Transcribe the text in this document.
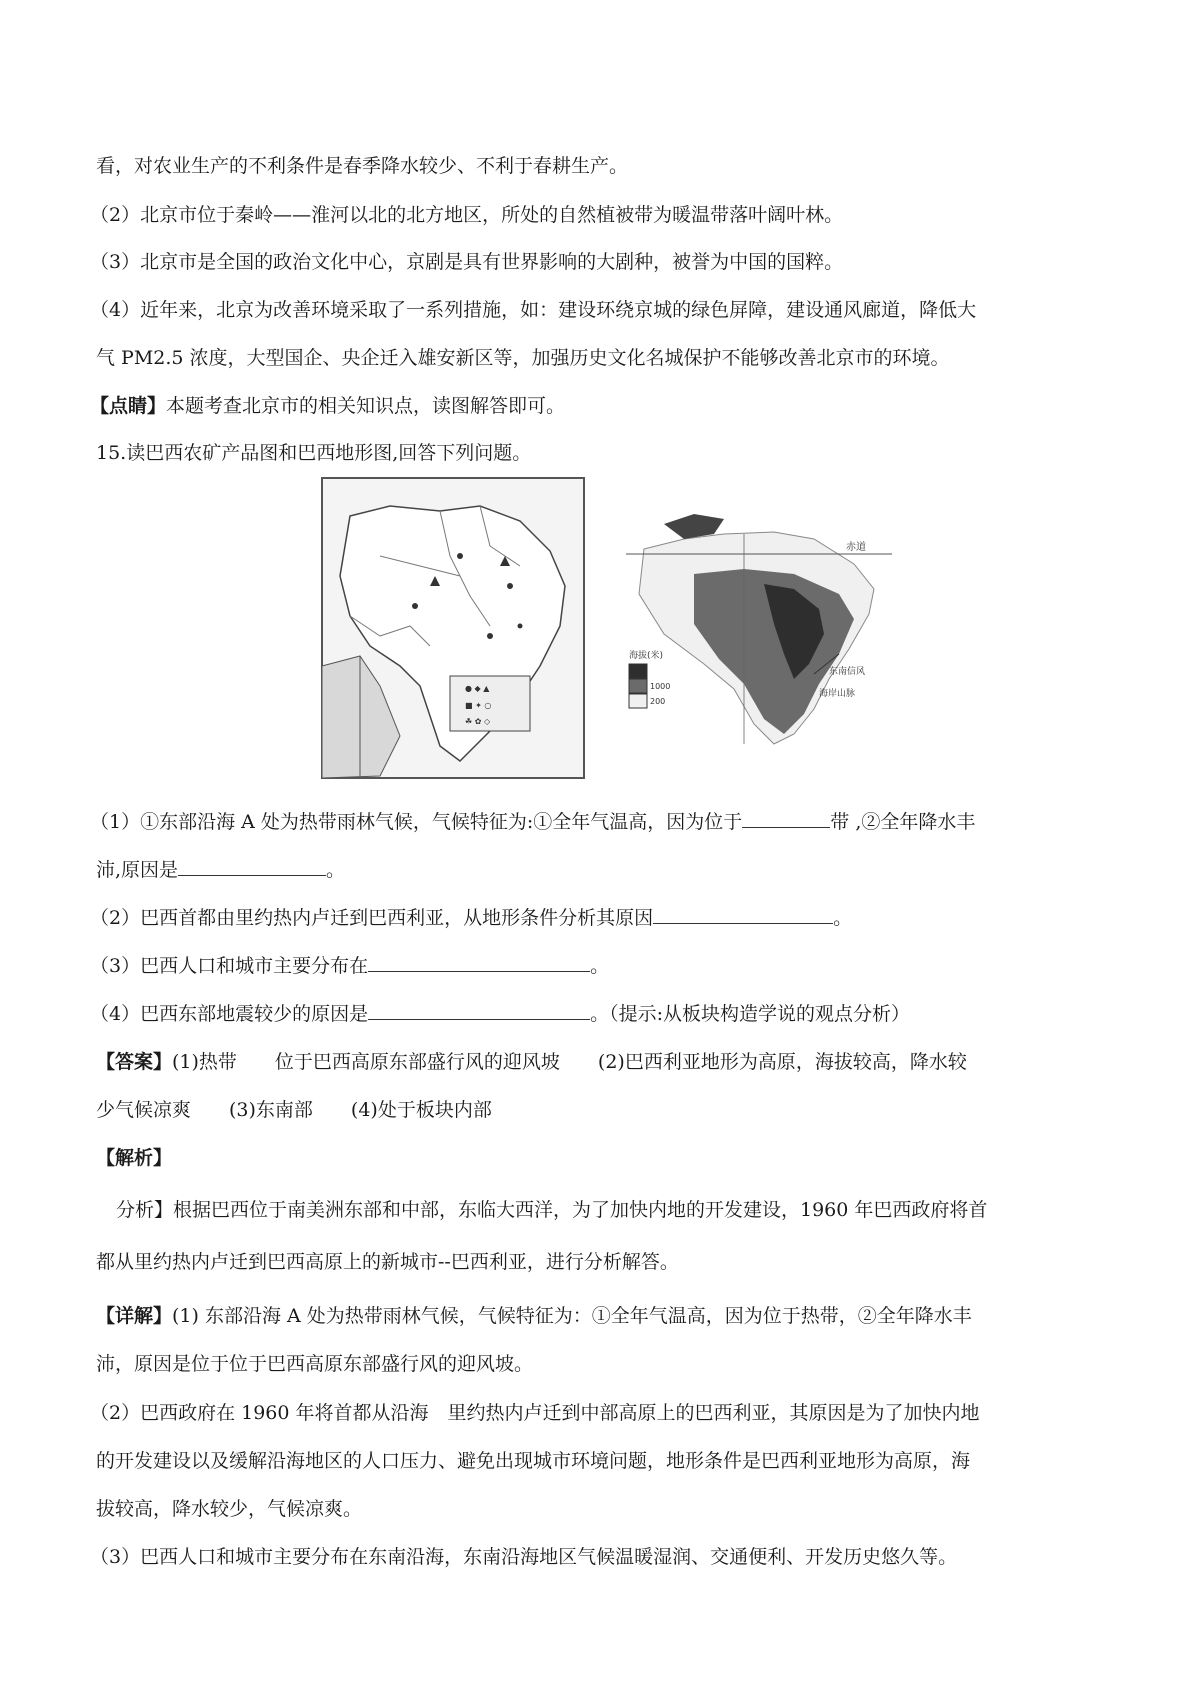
看，对农业生产的不利条件是春季降水较少、不利于春耕生产。
（2）北京市位于秦岭——淮河以北的北方地区，所处的自然植被带为暖温带落叶阔叶林。
（3）北京市是全国的政治文化中心，京剧是具有世界影响的大剧种，被誉为中国的国粹。
（4）近年来，北京为改善环境采取了一系列措施，如：建设环绕京城的绿色屏障，建设通风廊道，降低大
气 PM2.5 浓度，大型国企、央企迁入雄安新区等，加强历史文化名城保护不能够改善北京市的环境。
【点睛】本题考查北京市的相关知识点，读图解答即可。
15.读巴西农矿产品图和巴西地形图,回答下列问题。
● ◆ ▲
■ ✦ ○
☘ ✿ ◇
赤道
海拔(米)
1000
200
东南信风
海岸山脉
（1）①东部沿海 A 处为热带雨林气候，气候特征为:①全年气温高，因为位于	带 ,②全年降水丰
沛,原因是	。
（2）巴西首都由里约热内卢迁到巴西利亚，从地形条件分析其原因	。
（3）巴西人口和城市主要分布在	。
（4）巴西东部地震较少的原因是	。（提示:从板块构造学说的观点分析）
【答案】(1)热带　　位于巴西高原东部盛行风的迎风坡　　(2)巴西利亚地形为高原，海拔较高，降水较
少气候凉爽　　(3)东南部　　(4)处于板块内部
【解析】
分析】根据巴西位于南美洲东部和中部，东临大西洋，为了加快内地的开发建设，1960 年巴西政府将首
都从里约热内卢迁到巴西高原上的新城市--巴西利亚，进行分析解答。
【详解】(1) 东部沿海 A 处为热带雨林气候，气候特征为：①全年气温高，因为位于热带，②全年降水丰
沛，原因是位于位于巴西高原东部盛行风的迎风坡。
（2）巴西政府在 1960 年将首都从沿海　里约热内卢迁到中部高原上的巴西利亚，其原因是为了加快内地
的开发建设以及缓解沿海地区的人口压力、避免出现城市环境问题，地形条件是巴西利亚地形为高原，海
拔较高，降水较少，气候凉爽。
（3）巴西人口和城市主要分布在东南沿海，东南沿海地区气候温暖湿润、交通便利、开发历史悠久等。
